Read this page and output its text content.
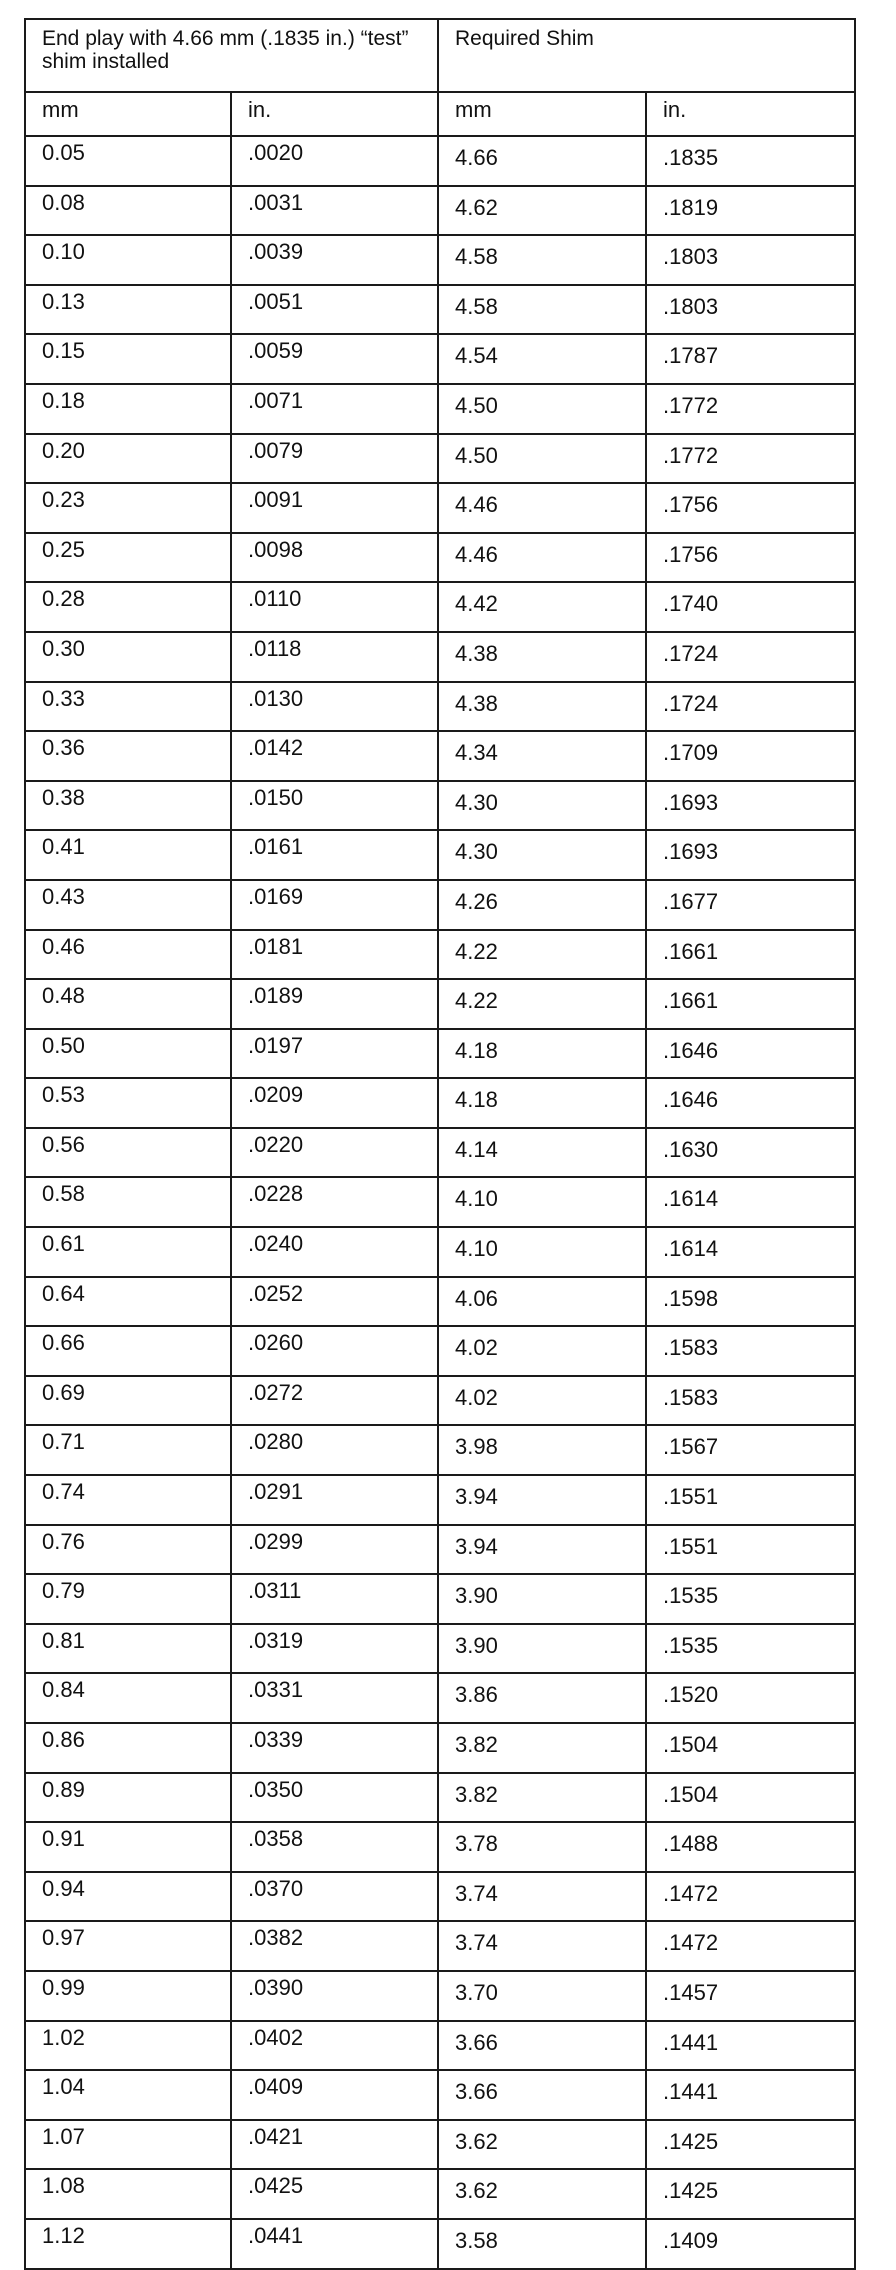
End play with 4.66 mm (.1835 in.) “test” shim installed		Required Shim	
mm	in.	mm	in.
0.05	.0020	4.66	.1835
0.08	.0031	4.62	.1819
0.10	.0039	4.58	.1803
0.13	.0051	4.58	.1803
0.15	.0059	4.54	.1787
0.18	.0071	4.50	.1772
0.20	.0079	4.50	.1772
0.23	.0091	4.46	.1756
0.25	.0098	4.46	.1756
0.28	.0110	4.42	.1740
0.30	.0118	4.38	.1724
0.33	.0130	4.38	.1724
0.36	.0142	4.34	.1709
0.38	.0150	4.30	.1693
0.41	.0161	4.30	.1693
0.43	.0169	4.26	.1677
0.46	.0181	4.22	.1661
0.48	.0189	4.22	.1661
0.50	.0197	4.18	.1646
0.53	.0209	4.18	.1646
0.56	.0220	4.14	.1630
0.58	.0228	4.10	.1614
0.61	.0240	4.10	.1614
0.64	.0252	4.06	.1598
0.66	.0260	4.02	.1583
0.69	.0272	4.02	.1583
0.71	.0280	3.98	.1567
0.74	.0291	3.94	.1551
0.76	.0299	3.94	.1551
0.79	.0311	3.90	.1535
0.81	.0319	3.90	.1535
0.84	.0331	3.86	.1520
0.86	.0339	3.82	.1504
0.89	.0350	3.82	.1504
0.91	.0358	3.78	.1488
0.94	.0370	3.74	.1472
0.97	.0382	3.74	.1472
0.99	.0390	3.70	.1457
1.02	.0402	3.66	.1441
1.04	.0409	3.66	.1441
1.07	.0421	3.62	.1425
1.08	.0425	3.62	.1425
1.12	.0441	3.58	.1409
